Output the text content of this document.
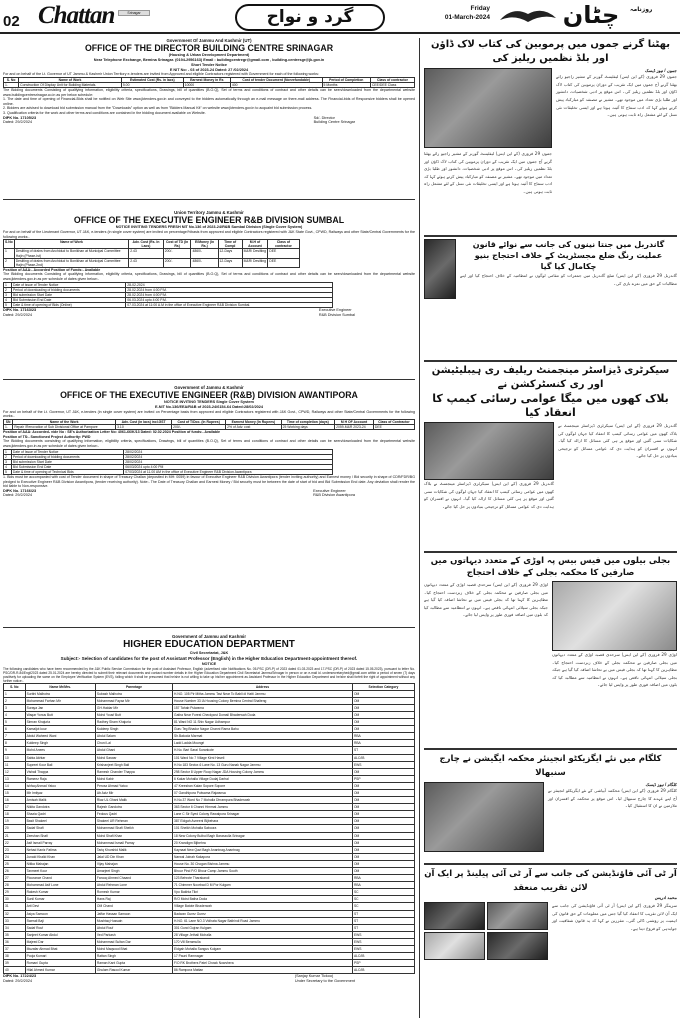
02 Chattan	Srinagar	گرد و نواح	Friday
01-March-2024	چٹان	روزنامہ
Government Of Jammu And Kashmir (UT)
OFFICE OF THE DIRECTOR BUILDING CENTRE SRINAGAR
(Housing & Urban Development Department)
Near Telephone Exchange, Bemina Srinagar. (0194-2956163) Email : buildingcentregr@gmail.com , building.centresgr@jk.gov.in
Short Tender Notice
E NIT No: - 03 of 2023-24 Dated: 27 /02/2024
For and on behalf of the Lt. Governor of UT Jammu & Kashmir Union Territory e-tenders are invited from Approved and eligible Contractors registered with Government for each of the following works:
S. No	Name of Work	Estimated Cost (Rs. in lacs)	Earnest Money in Rs	Cost of tender Document (Nonrefundable)	Period of Completion	Class of contractor
1.	Construction Of Display Unit for Building Materials.	5.00	10000	400	5 Months	CEE/DEE Class
The Bidding documents Consisting of qualifying information, eligibility criteria, specifications, Drawings, bill of quantities (B.O.Q), Set of terms and conditions of contract and other details can be seen/downloaded from the departmental website www.buildingcentresrinagar.co.in as per below schedule:
1. The date and time of opening of Financial-Bids shall be notified on Web Site www.jktenders.gov.in and conveyed to the bidders automatically through an e-mail message on there-mail address. The Financial-bids of Responsive bidders shall be opened online.
2. Bidders are advised to download bid submission manual from the "Downloads" option as well as from "Bidders Manual Kit" on website www.jktenders.gov.in to acquaint bid submission process.
3. Qualification criteria for the work and other terms and conditions are contained in the bidding document available on Website.
DIPK No. 17105/23
Dated: 29/2/2024
Sd/- Director
Building Centre Srinagar
Union Territory Jammu & Kashmir
OFFICE OF THE EXECUTIVE ENGINEER R&B DIVISION SUMBAL
NOTICE INVITING TENDERS FRESH NIT No.136 of 2023-24/R&B Sumbal Division (Single Cover System)
For and on behalf of the Lieutenant Governor, UT J&K, e-tenders (in single cover system) are invited on percentage/%basis from approved and eligible Contractors registered with J&K State Govt., CPWD, Railways and other State/Central Governments for the following works:-
S.No	Name of Work	Adv. Cost (Rs. In Lacs)	Cost of TD (In Rs)	E/Money (In Rs.)	Time of Compl	M.H of Account	Class of contractor
1	Desilting of drains from Anchidud to Bonikhan at Municipal Committee Hajin (Phase-Ist)	2.43	200/-	4860/-	12-Days	M&R/ Desilting	DEE
2	Desilting of drains from Anchidud to Bonikhan at Municipal Committee Hajin (Phase-2nd)	2.43	200/-	4860/-	12-Days	M&R/ Desilting	DEE
Position of AAA:- Accorded Position of Funds:- Available
The Bidding documents Consisting of qualifying information, eligibility criteria, specifications, Drawings, bill of quantities (B.O.Q), Set of terms and conditions of contract and other details can be seen/downloaded from the departmental website www.jktenders.gov.in as per schedule of dates given below:-
1	Date of issue of Tender Notice	28-02-2024
2	Period of downloading of bidding documents	28.02.2024 from 4:00 P.M.
3	Bid submission Start Date	28.02.2024 from 4:00 P.M.
4	Bid Submission End Date	06.03.2024 upto 4:00 P.M.
5	Date & time of opening of Bids (Online)	07.03.2024 at 11:00 A.M in the office of Executive Engineer R&B Division Sumbal.
DIPK No. 17163/23
Dated: 29/2/2024
Executive Engineer
R&B Division Sumbal
Government of Jammu & Kashmir
OFFICE OF THE EXECUTIVE ENGINEER (R&B) DIVISION AWANTIPORA
NOTICE INVITING TENDERS Single Cover System
E-NIT No.136/EEA/R&B of 2023-24/6154-64 Dated:28/02/2024
For and on behalf of the Lt. Governor, UT J&K, e-tenders (in single cover system) are invited on Percentage basis from approved and eligible Contractors registered with J&K Govt., CPWD, Railways and other State/Central Governments for the following works:-
SN	Name of the Work	Adv. Cost (in lacs) incl.GST	Cost of T/Doc. (In Rupees)	Earnest Money (In Rupees)	Time of completion (days)	M H OF Account	Class of Contractor
1.	Repair /Renovation of Sub Divisional Office at Pampore	3.10	200/-	2% of Adv. cost	25 Working days	2059-M&R 2023-24	DEE
Position of AAA: Accorded- vide No : SE's Authorization Letter No: 4061-66/K/13 Dated: 02.02.2024 Position of funds:- Available
Position of TS:- Sanctioned Project Authority: PWD
The Bidding documents consisting of qualifying information, eligibility criteria, specifications, Drawings, bill of quantities (B.O.Q), Set of terms and conditions of contract and other details can be seen/downloaded from the departmental website www.jktenders.gov.in as per schedule of dates given below:-
1	Date of Issue of Tender Notice	28/02/2024
2	Period of downloading of bidding documents	28/02/2024
3	Bid submission Start Date	28/02/2024
4	Bid Submission End Date	06/03/2024 upto 4:00 PM
5	Date & time of opening of Technical Bids	07/03/2024 at 11.00 AM in the office of Executive Engineer R&B Division Awantipora
1. Bids must be accompanied with cost of Tender document in shape of Treasury Challan (deposited in MH: 0059) in favour of Executive Engineer R&B Division Awantipora (tender inviting authority) and Earnest money / Bid security in shape of CDR/FDR/BG pledged to Executive Engineer R&B Division Awantipora, (tender receiving authority). Note:- The Date of Treasury Challan and Earnest Money / Bid security must be between the date of start of bid and Bid Submission End date. Any deviation shall render the bid liable to Non-responsive.
DIPK No. 17166/23
Dated: 29/2/2024
Executive Engineer
R&B Division Awantipora
Government of Jammu and Kashmir
HIGHER EDUCATION DEPARTMENT
Civil Secretariat, J&K
Subject:- Selection of candidates for the post of Assistant Professor (English) in the Higher Education Department-appointment thereof.
NOTICE
The following candidates who have been recommended by the J&K Public Service Commission for the post of Assistant Professor, English (advertised vide Notifications No. 05-PSC (DR-P) of 2023 dated 01.03.2023 and 17-PSC (DR-P) of 2023 dated 15.05.2023), pursuant to letter No. PSC/DR-R-84/Engl/2023 dated 25.01.2024 are hereby directed to submit their relevant documents and contact number details in the Higher Education Department Civil Secretariat Jammu/Srinagar in person or on e-mail id. undersecretaryhed@gmail.com within a period of seven (7) days positively for uploading the same on the Employee Verification System (EVS), failing which it shall be presumed that he/she is not willing to take up his/her appointment as Assistant Professor in the Higher Education Department and he/she shall forfeit the right of appointment without any further notice:-
S. No	Name Mr/Mrs.	Parentage	Address	Selection Category
1	Surbhi Malhotra	Subash Malhotra	H.NO. 105 Pir Mitha Jammu Tavi Near To Babli di Hatti Jammu	OM
2	Mohammad Farhan Mir	Mohammad Fayaz Mir	House Number 33 IA Housing Colony Bemina Central Shalteng	OM
3	Suraya Jan	GH.Haidar Mir	157 Tahab Pulwama	OM
4	Waqar Yonus Butt	Mohd Yousf Butt	Gatha Near Forest Checkpost Domail Bhaderwah Doda	OM
5	Simran Khajuria	Radhey Sham Khajuria	81 Ward NO 11 Shiv Nagar Udhampur	OM
6	Kamaljot kour	Kuldeep Singh	Guru Teg Bhadur Nagar Channi Rama Bahu	OM
7	Abdul Waheed Wani	Abdul Salam	Sh.Bakoda Marmat	RBA
8	Kuldeep Singh	Chuni Lal	Ladd Ladda Moungri	RBA
9	Mohd Anees	Abdul Ghani	H.No. Bari Sarai Surankote	ST
10	Sabia Akhtar	Mohd Sarwar	101 Ward No 7 Village Kirni Haveli	ALC/IB
11	Supreet Kour Bali	Krishanjeet Singh Bali	H.No 183 Sector-6 Lane No. 13 Guru Nanak Nagar Jammu	EWS
12	Vishali Thappa	Ramesh Chander Thappa	298 Sector 8 Upper Roop Nagar JDA Housing Colony Jammu	OM
13	Rameez Raja	Mohd Kabir	6 Kakar Mohalla Village Dodaj Darhal	PSP
14	Ishfaq Ahmad Yatoo	Pervaz Ahmad Yatoo	47 Kreeshan Kalan Sopore Sopore	OM
15	Mir Imtiyaz	Ab Aziz Mir	07 Gandhipora Pulwama Rajwansa	OM
16	Arnisah Malik	Riaz UL Ghani Malik	H.No.37 Ward No 7 Mohalla Dhrampura Bhaderwah	OM
17	Nikita Gandotra	Rajesh Gandotra	363 Sector 6 Channi Himmat Jammu	OM
18	Shazia Qadri	Fedous Qadri	Lane C Sir Syed Colony Rawalpora Srinagar	OM
19	Basit Shakeel	Shakeel UR Rehman	387 Eidgah Avneeni Bijbehara	OM
20	Sadaf Shafi	Mohammad Shafi Sheikh	101 Sheikh Mohalla Saboora	OM
21	Zeeshan Shafi	Mohd Shafi Khan	18 New Colony Bulbul Bagh Baraszulla Srinagar	OM
22	Asif Ismail Parray	Mohammad Ismail Parray	20 Krandigm Bijbehra	OM
23	Nehad Kaniz Fatima	Tariq Khurshid Malik	Kaynaat New Qazi Bagh Anantnag Anantnag	OM
24	Junaid Khalid Khan	Jalal UD Din Khan	Narwal Juinah Kakapora	OM
25	Nitika Mahajan	Vijay Mahajan	House No. 30 Chogan Bishna Jammu	OM
26	Tanmeet Kour	Amarjeet Singh	Bhour Pind P/O Bhour Camp Jammu South	OM
27	Flourance Chand	Farooq Ahmed Chaand	123 Behrote Tharakandi	RBA
28	Mohammad Asif Lone	Abdul Rehman Lone	71 Chimmer Noorbad D M Por Kulgam	RBA
29	Rakesh Kumar	Romesh Kumar	Vpo Bakhta Tikri	SC
30	Sunil Kumar	Hans Raj	R/O Moist Batha Doda	SC
31	Arti Devi	OM Chand	Village Batote Bhaderwah	SC
32	Asiya Samoon	Jaffar Hassan Samoon	Badwan Gurez Gurez	ST
33	Swerali Baji	Mushtaq Hussain	H.NO. 61 Lane NO.3 Vidhata Nagar Bathindi Road Jammu	ST
34	Sadaf Rouf	Abdul Rouf	301 Gund Gujran Kulgam	ST
35	Sanjeet Kumar Abdul	Ved Parkash	28 Village Jethali Mohalla	EWS
36	Majeed Dar	Mohammad Sultan Dar	170 Vill Beramulla	EWS
37	Muzafar Ahmad Bhat	Mohd Maqsood Bhat	Eidgah Mohalla Sangus Kulgam	EWS
38	Pooja Kumari	Rattan Singh	17 Pauni Ramnagar	ALC/IB
39	Romani Gupta	Raman Kant Gupta	F/O RK Brothers Patel Chowk Nowshera	PSP
40	Hilal Ahmed Kumar	Ghulam Rasool Kumar	86 Rampora Mattan	ALC/IB
DIPK No. 17224/23
Dated: 29/2/2024
(Sanjay Kumar Tickoo)
Under Secretary to the Government
بھٹنا گرنے جموں میں پرموبین کی کتاب لاک ڈاؤن اور بلڈ نظمیں ریلیز کی
جموں 29 فروری (کے این ایس) لیفٹیننٹ گورنر کے مشیر راجیو رائے بھٹنا گرنے آج جموں میں ایک تقریب کے دوران پرموبین کی کتاب لاک ڈاؤن اور بلڈ نظمیں ریلیز کی۔ اس موقع پر ادبی شخصیات، دانشور اور طلبا بڑی تعداد میں موجود تھے۔ مشیر نے مصنفہ کو مبارکباد پیش کرتے ہوئے کہا کہ ادب سماج کا آئینہ ہوتا ہے اور ایسی تخلیقات نئی نسل کے لئے مشعل راہ ثابت ہوتی ہیں۔
جموں / نیوز ڈیسک
جموں 29 فروری (کے این ایس) لیفٹیننٹ گورنر کے مشیر راجیو رائے بھٹنا گرنے آج جموں میں ایک تقریب کے دوران پرموبین کی کتاب لاک ڈاؤن اور بلڈ نظمیں ریلیز کی۔ اس موقع پر ادبی شخصیات، دانشور اور طلبا بڑی تعداد میں موجود تھے۔ مشیر نے مصنفہ کو مبارکباد پیش کرتے ہوئے کہا کہ ادب سماج کا آئینہ ہوتا ہے اور ایسی تخلیقات نئی نسل کے لئے مشعل راہ ثابت ہوتی ہیں۔
گاندربل میں جنتا نینوں کی جانب سے نوائے قانون عملیت رنگ ضلع مجسٹریٹ کے خلاف احتجاج بنیو چکامال کیا گیا
گاندربل 29 فروری (کے این ایس) ضلع گاندربل میں جمعرات کو مقامی لوگوں نے انتظامیہ کے خلاف احتجاج کیا اور اپنے مطالبات کے حق میں نعرے بازی کی۔
سیکرٹری ڈیزاسٹر مینجمنٹ ریلیف ری ہیبلیٹیشن اور ری کنسٹرکشن نے
بلاک کھوں میں میگا عوامی رسائی کیمپ کا انعقاد کیا
گاندربل 29 فروری (کے این ایس) سیکرٹری ڈیزاسٹر مینجمنٹ نے بلاک کھوں میں عوامی رسائی کیمپ کا انعقاد کیا جہاں لوگوں کی شکایات سنی گئیں اور موقع پر ہی کئی مسائل کا ازالہ کیا گیا۔ انہوں نے افسران کو ہدایت دی کہ عوامی مسائل کو ترجیحی بنیادوں پر حل کیا جائے۔
گاندربل 29 فروری (کے این ایس) سیکرٹری ڈیزاسٹر مینجمنٹ نے بلاک کھوں میں عوامی رسائی کیمپ کا انعقاد کیا جہاں لوگوں کی شکایات سنی گئیں اور موقع پر ہی کئی مسائل کا ازالہ کیا گیا۔ انہوں نے افسران کو ہدایت دی کہ عوامی مسائل کو ترجیحی بنیادوں پر حل کیا جائے۔
بجلی بیلوں میں فیس بیس پہ اوڑی کے متعدد دیہاتوں میں صارفین کا محکمہ بجلی کے خلاف احتجاج
اوڑی 29 فروری (کے این ایس) سرحدی قصبہ اوڑی کے متعدد دیہاتوں میں بجلی صارفین نے محکمہ بجلی کے خلاف زبردست احتجاج کیا۔ مظاہرین کا کہنا تھا کہ بجلی فیس میں بے تحاشا اضافہ کیا گیا ہے جبکہ بجلی سپلائی انتہائی ناقص ہے۔ انہوں نے انتظامیہ سے مطالبہ کیا کہ بلوں میں اضافہ فوری طور پر واپس لیا جائے۔
اوڑی 29 فروری (کے این ایس) سرحدی قصبہ اوڑی کے متعدد دیہاتوں میں بجلی صارفین نے محکمہ بجلی کے خلاف زبردست احتجاج کیا۔ مظاہرین کا کہنا تھا کہ بجلی فیس میں بے تحاشا اضافہ کیا گیا ہے جبکہ بجلی سپلائی انتہائی ناقص ہے۔ انہوں نے انتظامیہ سے مطالبہ کیا کہ بلوں میں اضافہ فوری طور پر واپس لیا جائے۔
کلگام میں نئے ایگزیکٹو انجینئر محکمہ ایگیشن نے چارج سنبھالا
کلگام / نیوز ڈیسک
کلگام 29 فروری (کے این ایس) محکمہ آبپاشی کے نئے ایگزیکٹو انجینئر نے آج اپنے عہدے کا چارج سنبھال لیا۔ اس موقع پر محکمہ کے افسران اور ملازمین نے ان کا استقبال کیا۔
آر ٹی آئی فاؤنڈیشن کی جانب سے آر ٹی آئی پیلینڈ پر ایک آن لائن تقریب منعقد
محمد ادریس
سرینگر 29 فروری (کے این ایس) آر ٹی آئی فاؤنڈیشن کی جانب سے ایک آن لائن تقریب کا انعقاد کیا گیا جس میں معلومات کے حق قانون کی اہمیت پر روشنی ڈالی گئی۔ مقررین نے کہا کہ یہ قانون شفافیت اور جوابدہی کو فروغ دیتا ہے۔
